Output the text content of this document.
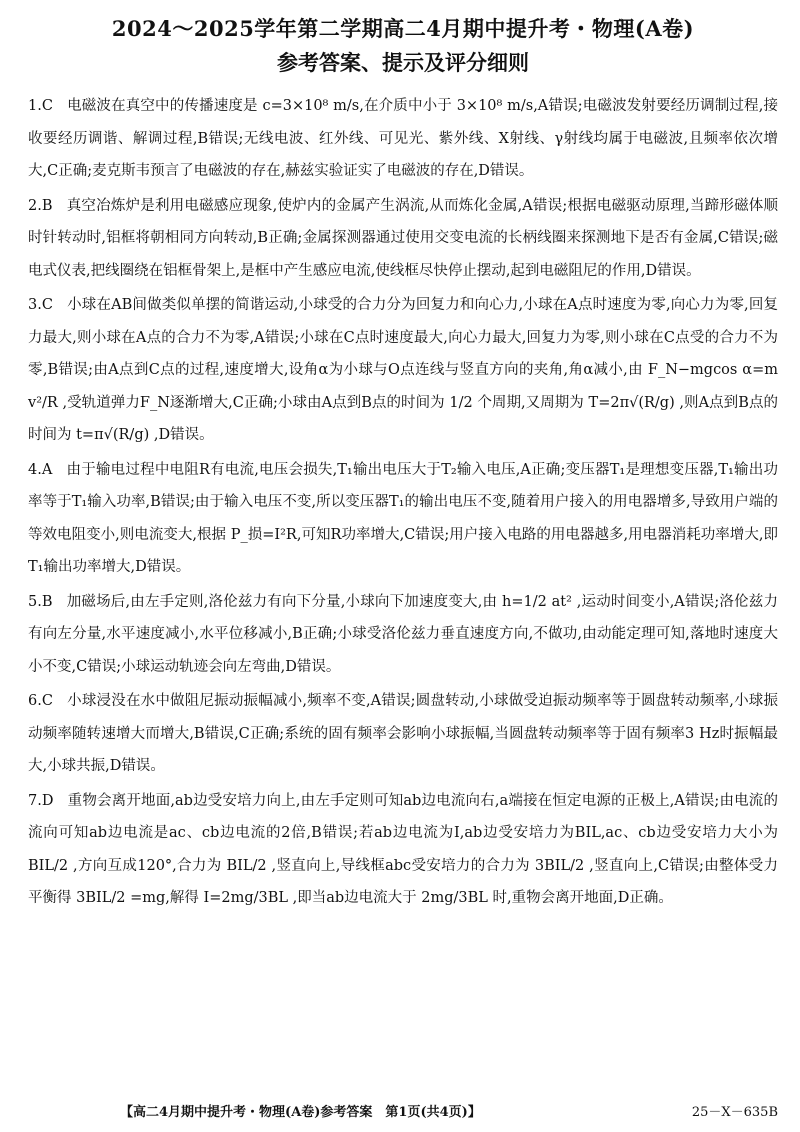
2024～2025学年第二学期高二4月期中提升考・物理(A卷)
参考答案、提示及评分细则
1.C 电磁波在真空中的传播速度是 c=3×10⁸ m/s,在介质中小于 3×10⁸ m/s,A错误;电磁波发射要经历调制过程,接收要经历调谐、解调过程,B错误;无线电波、红外线、可见光、紫外线、X射线、γ射线均属于电磁波,且频率依次增大,C正确;麦克斯韦预言了电磁波的存在,赫兹实验证实了电磁波的存在,D错误。
2.B 真空冶炼炉是利用电磁感应现象,使炉内的金属产生涡流,从而炼化金属,A错误;根据电磁驱动原理,当蹄形磁体顺时针转动时,铝框将朝相同方向转动,B正确;金属探测器通过使用交变电流的长柄线圈来探测地下是否有金属,C错误;磁电式仪表,把线圈绕在铝框骨架上,是框中产生感应电流,使线框尽快停止摆动,起到电磁阻尼的作用,D错误。
3.C 小球在AB间做类似单摆的简谐运动,小球受的合力分为回复力和向心力,小球在A点时速度为零,向心力为零,回复力最大,则小球在A点的合力不为零,A错误;小球在C点时速度最大,向心力最大,回复力为零,则小球在C点受的合力不为零,B错误;由A点到C点的过程,速度增大,设角α为小球与O点连线与竖直方向的夹角,角α减小,由 F_N−mgcos α=m v²/R ,受轨道弹力F_N逐渐增大,C正确;小球由A点到B点的时间为 1/2 个周期,又周期为 T=2π√(R/g) ,则A点到B点的时间为 t=π√(R/g) ,D错误。
4.A 由于输电过程中电阻R有电流,电压会损失,T₁输出电压大于T₂输入电压,A正确;变压器T₁是理想变压器,T₁输出功率等于T₁输入功率,B错误;由于输入电压不变,所以变压器T₁的输出电压不变,随着用户接入的用电器增多,导致用户端的等效电阻变小,则电流变大,根据 P_损=I²R,可知R功率增大,C错误;用户接入电路的用电器越多,用电器消耗功率增大,即T₁输出功率增大,D错误。
5.B 加磁场后,由左手定则,洛伦兹力有向下分量,小球向下加速度变大,由 h=1/2 at² ,运动时间变小,A错误;洛伦兹力有向左分量,水平速度减小,水平位移减小,B正确;小球受洛伦兹力垂直速度方向,不做功,由动能定理可知,落地时速度大小不变,C错误;小球运动轨迹会向左弯曲,D错误。
6.C 小球浸没在水中做阻尼振动振幅减小,频率不变,A错误;圆盘转动,小球做受迫振动频率等于圆盘转动频率,小球振动频率随转速增大而增大,B错误,C正确;系统的固有频率会影响小球振幅,当圆盘转动频率等于固有频率3 Hz时振幅最大,小球共振,D错误。
7.D 重物会离开地面,ab边受安培力向上,由左手定则可知ab边电流向右,a端接在恒定电源的正极上,A错误;由电流的流向可知ab边电流是ac、cb边电流的2倍,B错误;若ab边电流为I,ab边受安培力为BIL,ac、cb边受安培力大小为 BIL/2 ,方向互成120°,合力为 BIL/2 ,竖直向上,导线框abc受安培力的合力为 3BIL/2 ,竖直向上,C错误;由整体受力平衡得 3BIL/2 =mg,解得 I=2mg/3BL ,即当ab边电流大于 2mg/3BL 时,重物会离开地面,D正确。
【高二4月期中提升考・物理(A卷)参考答案　第1页(共4页)】	25－X－635B
